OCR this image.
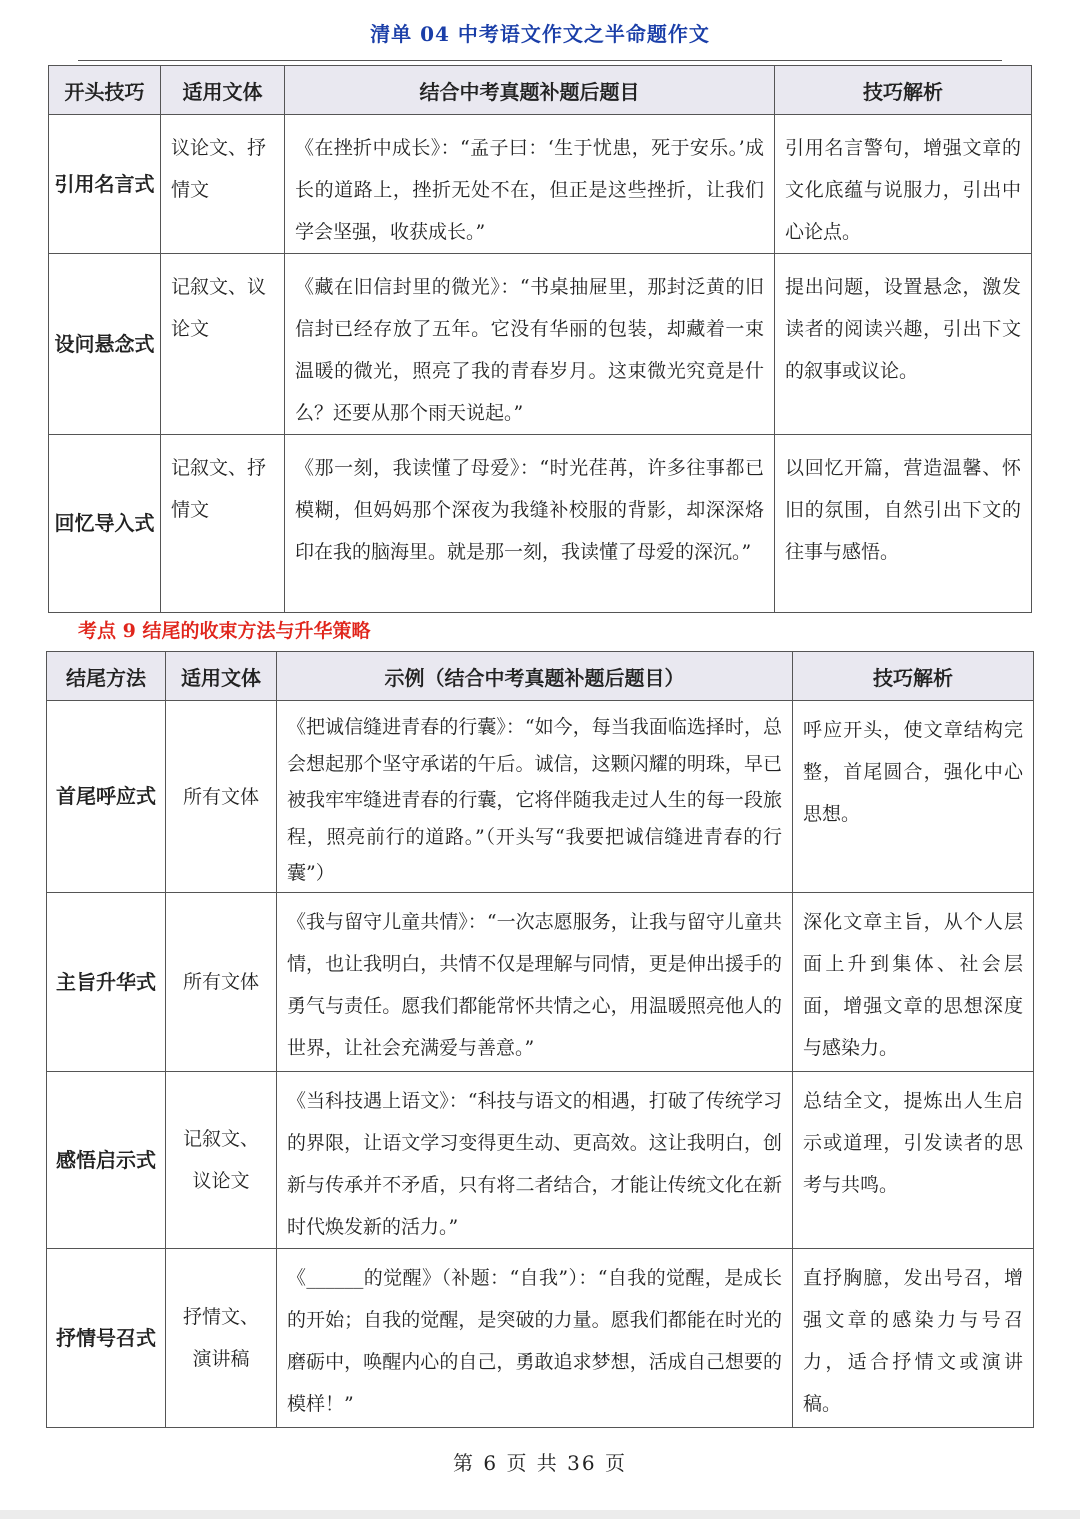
清单 04 中考语文作文之半命题作文
开头技巧	适用文体	结合中考真题补题后题目	技巧解析
引用名言式	议论文、抒情文	《在挫折中成长》：“孟子曰：‘生于忧患，死于安乐。’成长的道路上，挫折无处不在，但正是这些挫折，让我们学会坚强，收获成长。”	引用名言警句，增强文章的文化底蕴与说服力，引出中心论点。
设问悬念式	记叙文、议论文	《藏在旧信封里的微光》：“书桌抽屉里，那封泛黄的旧信封已经存放了五年。它没有华丽的包装，却藏着一束温暖的微光，照亮了我的青春岁月。这束微光究竟是什么？还要从那个雨天说起。”	提出问题，设置悬念，激发读者的阅读兴趣，引出下文的叙事或议论。
回忆导入式	记叙文、抒情文	《那一刻，我读懂了母爱》：“时光荏苒，许多往事都已模糊，但妈妈那个深夜为我缝补校服的背影，却深深烙印在我的脑海里。就是那一刻，我读懂了母爱的深沉。”	以回忆开篇，营造温馨、怀旧的氛围，自然引出下文的往事与感悟。
考点 9 结尾的收束方法与升华策略
结尾方法	适用文体	示例（结合中考真题补题后题目）	技巧解析
首尾呼应式	所有文体	《把诚信缝进青春的行囊》：“如今，每当我面临选择时，总会想起那个坚守承诺的午后。诚信，这颗闪耀的明珠，早已被我牢牢缝进青春的行囊，它将伴随我走过人生的每一段旅程，照亮前行的道路。”（开头写“我要把诚信缝进青春的行囊”）	呼应开头，使文章结构完整，首尾圆合，强化中心思想。
主旨升华式	所有文体	《我与留守儿童共情》：“一次志愿服务，让我与留守儿童共情，也让我明白，共情不仅是理解与同情，更是伸出援手的勇气与责任。愿我们都能常怀共情之心，用温暖照亮他人的世界，让社会充满爱与善意。”	深化文章主旨，从个人层面上升到集体、社会层面，增强文章的思想深度与感染力。
感悟启示式	记叙文、议论文	《当科技遇上语文》：“科技与语文的相遇，打破了传统学习的界限，让语文学习变得更生动、更高效。这让我明白，创新与传承并不矛盾，只有将二者结合，才能让传统文化在新时代焕发新的活力。”	总结全文，提炼出人生启示或道理，引发读者的思考与共鸣。
抒情号召式	抒情文、演讲稿	《______的觉醒》（补题：“自我”）：“自我的觉醒，是成长的开始；自我的觉醒，是突破的力量。愿我们都能在时光的磨砺中，唤醒内心的自己，勇敢追求梦想，活成自己想要的模样！”	直抒胸臆，发出号召，增强文章的感染力与号召力，适合抒情文或演讲稿。
第 6 页 共 36 页
